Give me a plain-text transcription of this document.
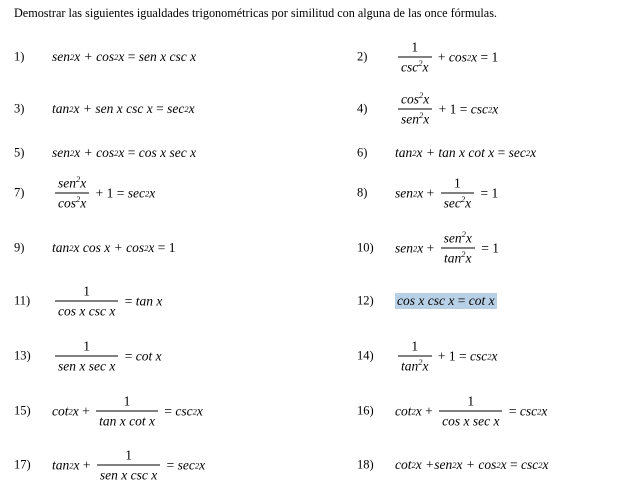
Demostrar las siguientes igualdades trigonométricas por similitud con alguna de las once fórmulas.
1) sen 2 x + cos 2 x = sen x csc x	$2) \frac{1}{\csc^2x} + \cos 2$ x = 1
3) tan 2 x + sen x csc x = sec 2 x	$4) \frac{\cos^2x}{sen^2x} + 1 = \csc 2$ x
5) sen 2 x + cos 2 x = cos x sec x	6) tan 2 x + tan x cot x = sec 2 x
$7) \frac{sen^2x}{\cos^2x} + 1 = \sec 2$ x	8) sen 2 $x + \frac{1}{\sec^2x} = 1$
9) tan 2 x cos x + cos 2 x = 1	10) sen 2 $x + \frac{sen^2x}{\tan^2x} = 1$
$11) \frac{1}{\text{cos x csc x}} = \tan x$	12) cos x csc x = cot x
$13) \frac{1}{\text{sen x sec x}} = \cot x$	$14) \frac{1}{\tan^2x} + 1 = \csc 2$ x
15) cot 2 $x + \frac{1}{\text{tan x cot x}} = \csc 2$ x	16) cot 2 $x + \frac{1}{\text{cos x sec x}} = \csc 2$ x
17) tan 2 $x + \frac{1}{\text{sen x csc x}} = \sec 2$ x	18) cot 2 x +sen 2 x + cos 2 x = csc 2 x
